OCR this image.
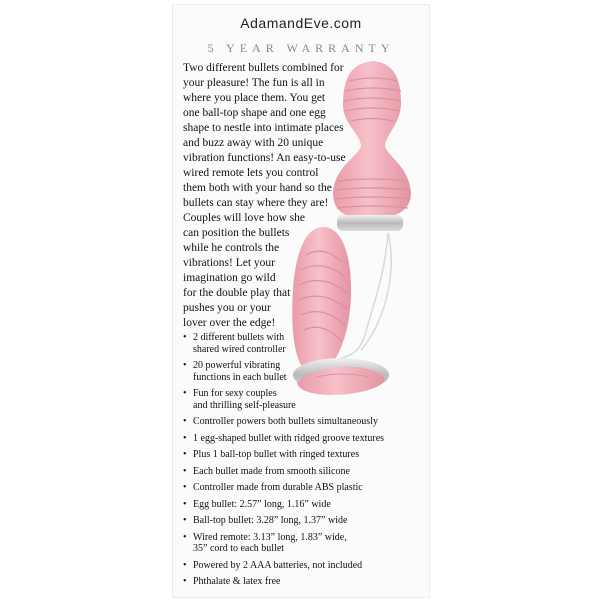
AdamandEve.com
5 YEAR WARRANTY
Two different bullets combined for
your pleasure! The fun is all in
where you place them. You get
one ball-top shape and one egg
shape to nestle into intimate places
and buzz away with 20 unique
vibration functions! An easy-to-use
wired remote lets you control
them both with your hand so the
bullets can stay where they are!
Couples will love how she
can position the bullets
while he controls the
vibrations! Let your
imagination go wild
for the double play that
pushes you or your
lover over the edge!
• 2 different bullets with
shared wired controller
• 20 powerful vibrating
functions in each bullet
• Fun for sexy couples
and thrilling self-pleasure
• Controller powers both bullets simultaneously
• 1 egg-shaped bullet with ridged groove textures
• Plus 1 ball-top bullet with ringed textures
• Each bullet made from smooth silicone
• Controller made from durable ABS plastic
• Egg bullet: 2.57” long, 1.16” wide
• Ball-top bullet: 3.28” long, 1.37” wide
• Wired remote: 3.13” long, 1.83” wide,
35” cord to each bullet
• Powered by 2 AAA batteries, not included
• Phthalate & latex free
